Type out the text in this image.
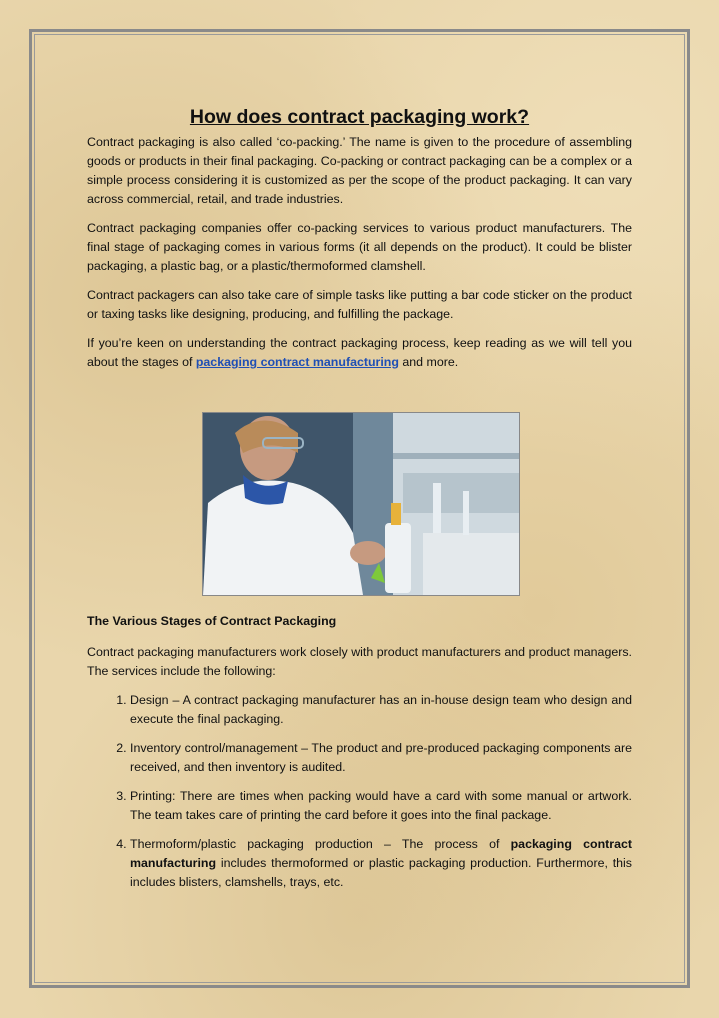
How does contract packaging work?

Contract packaging is also called ‘co-packing.’ The name is given to the procedure of assembling goods or products in their final packaging. Co-packing or contract packaging can be a complex or a simple process considering it is customized as per the scope of the product packaging. It can vary across commercial, retail, and trade industries.

Contract packaging companies offer co-packing services to various product manufacturers. The final stage of packaging comes in various forms (it all depends on the product). It could be blister packaging, a plastic bag, or a plastic/thermoformed clamshell.

Contract packagers can also take care of simple tasks like putting a bar code sticker on the product or taxing tasks like designing, producing, and fulfilling the package.

If you’re keen on understanding the contract packaging process, keep reading as we will tell you about the stages of packaging contract manufacturing and more.

The Various Stages of Contract Packaging

Contract packaging manufacturers work closely with product manufacturers and product managers. The services include the following:

1. Design – A contract packaging manufacturer has an in-house design team who design and execute the final packaging.
2. Inventory control/management – The product and pre-produced packaging components are received, and then inventory is audited.
3. Printing: There are times when packing would have a card with some manual or artwork. The team takes care of printing the card before it goes into the final package.
4. Thermoform/plastic packaging production – The process of packaging contract manufacturing includes thermoformed or plastic packaging production. Furthermore, this includes blisters, clamshells, trays, etc.
